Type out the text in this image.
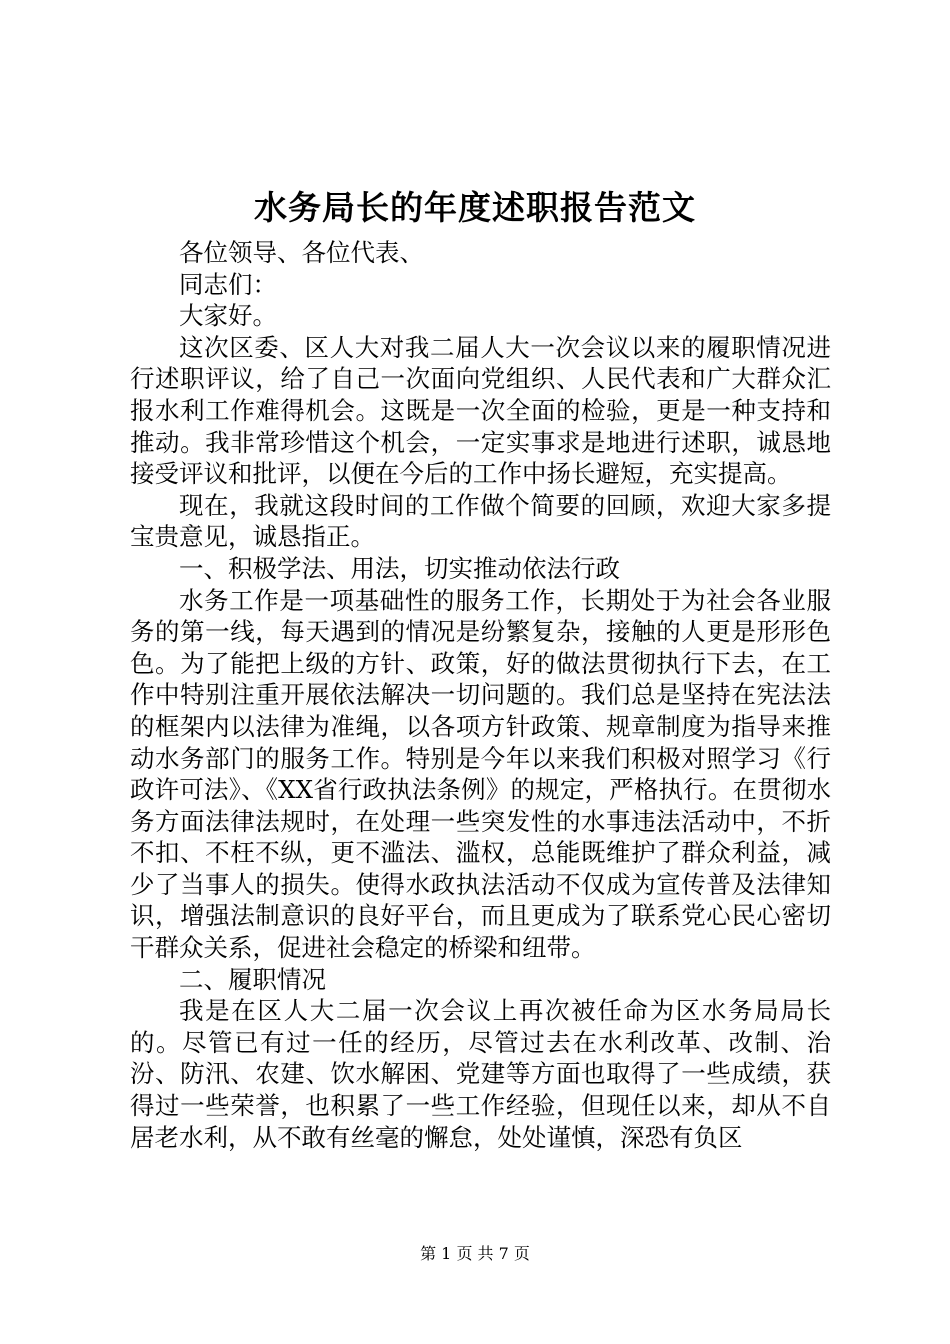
水务局长的年度述职报告范文

各位领导、各位代表、

同志们：

大家好。

这次区委、区人大对我二届人大一次会议以来的履职情况进行述职评议，给了自己一次面向党组织、人民代表和广大群众汇报水利工作难得机会。这既是一次全面的检验，更是一种支持和推动。我非常珍惜这个机会，一定实事求是地进行述职，诚恳地接受评议和批评，以便在今后的工作中扬长避短，充实提高。

现在，我就这段时间的工作做个简要的回顾，欢迎大家多提宝贵意见，诚恳指正。

一、积极学法、用法，切实推动依法行政

水务工作是一项基础性的服务工作，长期处于为社会各业服务的第一线，每天遇到的情况是纷繁复杂，接触的人更是形形色色。为了能把上级的方针、政策，好的做法贯彻执行下去，在工作中特别注重开展依法解决一切问题的。我们总是坚持在宪法法的框架内以法律为准绳，以各项方针政策、规章制度为指导来推动水务部门的服务工作。特别是今年以来我们积极对照学习《行政许可法》、《XX省行政执法条例》的规定，严格执行。在贯彻水务方面法律法规时，在处理一些突发性的水事违法活动中，不折不扣、不枉不纵，更不滥法、滥权，总能既维护了群众利益，减少了当事人的损失。使得水政执法活动不仅成为宣传普及法律知识，增强法制意识的良好平台，而且更成为了联系党心民心密切干群众关系，促进社会稳定的桥梁和纽带。

二、履职情况

我是在区人大二届一次会议上再次被任命为区水务局局长的。尽管已有过一任的经历，尽管过去在水利改革、改制、治汾、防汛、农建、饮水解困、党建等方面也取得了一些成绩，获得过一些荣誉，也积累了一些工作经验，但现任以来，却从不自居老水利，从不敢有丝毫的懈怠，处处谨慎，深恐有负区

第 1 页 共 7 页
